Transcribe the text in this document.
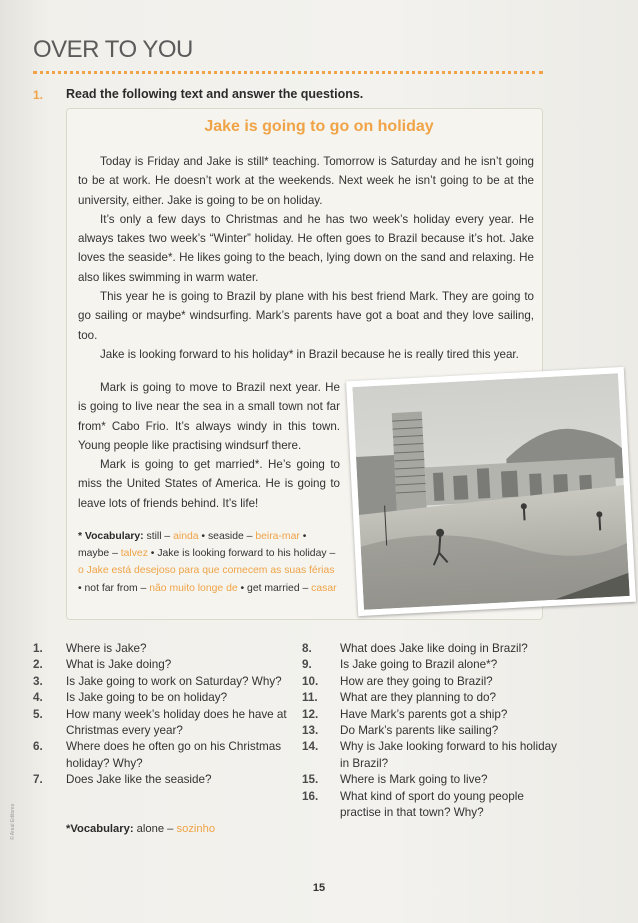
OVER TO YOU
1. Read the following text and answer the questions.
Jake is going to go on holiday

Today is Friday and Jake is still* teaching. Tomorrow is Saturday and he isn’t going to be at work. He doesn’t work at the weekends. Next week he isn’t going to be at the university, either. Jake is going to be on holiday.

It’s only a few days to Christmas and he has two week’s holiday every year. He always takes two week’s “Winter” holiday. He often goes to Brazil because it’s hot. Jake loves the seaside*. He likes going to the beach, lying down on the sand and relaxing. He also likes swimming in warm water.

This year he is going to Brazil by plane with his best friend Mark. They are going to go sailing or maybe* windsurfing. Mark’s parents have got a boat and they love sailing, too.

Jake is looking forward to his holiday* in Brazil because he is really tired this year.

Mark is going to move to Brazil next year. He is going to live near the sea in a small town not far from* Cabo Frio. It’s always windy in this town. Young people like practising windsurf there.

Mark is going to get married*. He’s going to miss the United States of America. He is going to leave lots of friends behind. It’s life!

* Vocabulary: still – ainda • seaside – beira-mar • maybe – talvez • Jake is looking forward to his holiday – o Jake está desejoso para que comecem as suas férias • not far from – não muito longe de • get married – casar
1. Where is Jake?
2. What is Jake doing?
3. Is Jake going to work on Saturday? Why?
4. Is Jake going to be on holiday?
5. How many week’s holiday does he have at Christmas every year?
6. Where does he often go on his Christmas holiday? Why?
7. Does Jake like the seaside?
8. What does Jake like doing in Brazil?
9. Is Jake going to Brazil alone*?
10. How are they going to Brazil?
11. What are they planning to do?
12. Have Mark’s parents got a ship?
13. Do Mark’s parents like sailing?
14. Why is Jake looking forward to his holiday in Brazil?
15. Where is Mark going to live?
16. What kind of sport do young people practise in that town? Why?
*Vocabulary: alone – sozinho
© Areal Editores
15
